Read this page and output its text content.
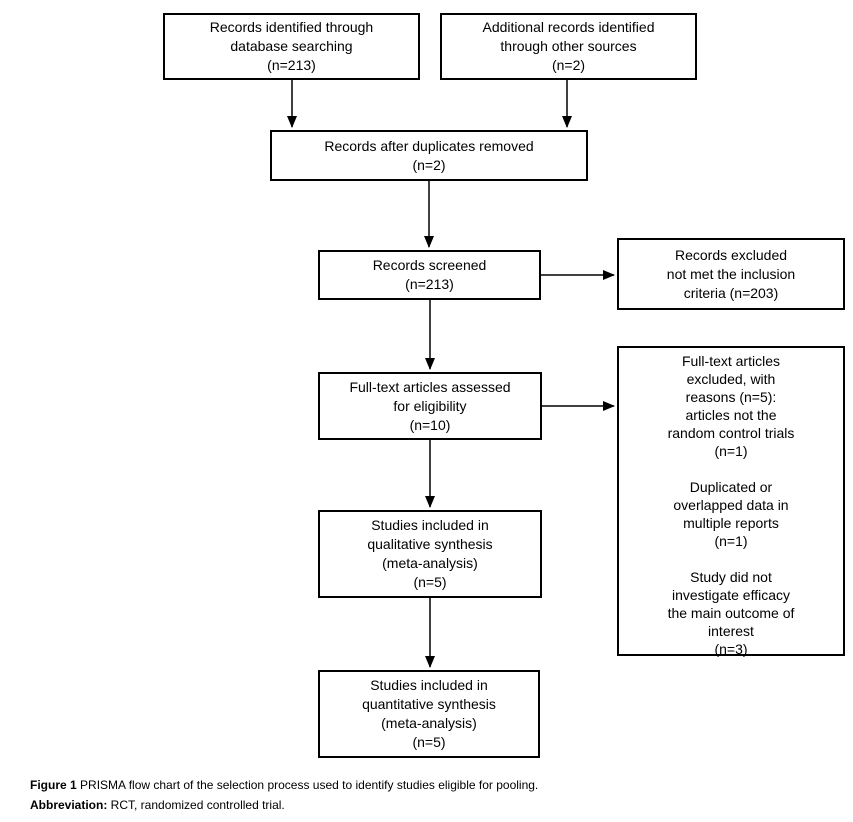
Records identified through
database searching
(n=213)
Additional records identified
through other sources
(n=2)
Records after duplicates removed
(n=2)
Records screened
(n=213)
Records excluded
not met the inclusion
criteria (n=203)
Full-text articles assessed
for eligibility
(n=10)
Full-text articles
excluded, with
reasons (n=5):
articles not the
random control trials
(n=1)

Duplicated or
overlapped data in
multiple reports
(n=1)

Study did not
investigate efficacy
the main outcome of
interest
(n=3)
Studies included in
qualitative synthesis
(meta-analysis)
(n=5)
Studies included in
quantitative synthesis
(meta-analysis)
(n=5)

Figure 1 PRISMA flow chart of the selection process used to identify studies eligible for pooling.

Abbreviation: RCT, randomized controlled trial.
